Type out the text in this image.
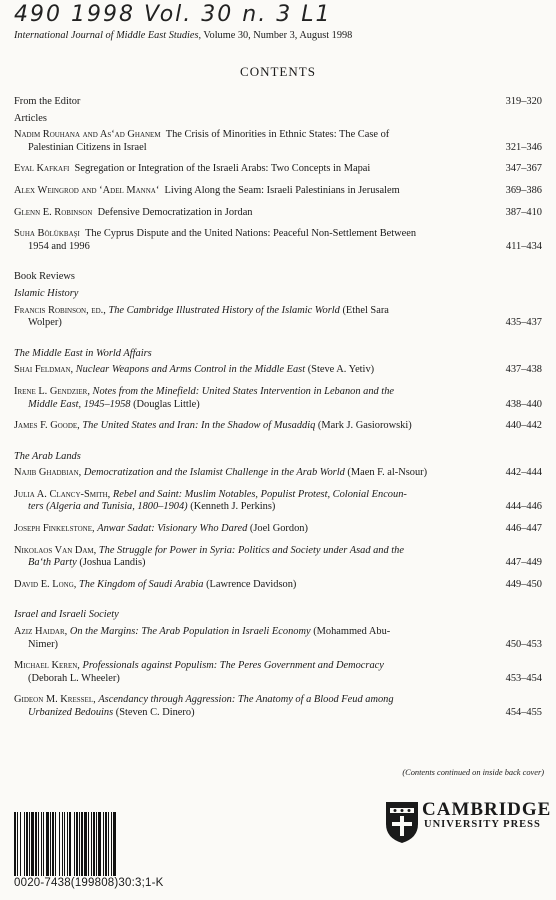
490 1998 Vol. 30 n. 3 L1
International Journal of Middle East Studies, Volume 30, Number 3, August 1998
CONTENTS
From the Editor	319–320
Articles
Nadim Rouhana and As‘ad Ghanem The Crisis of Minorities in Ethnic States: The Case of
Palestinian Citizens in Israel	321–346
Eyal Kafkafi Segregation or Integration of the Israeli Arabs: Two Concepts in Mapai	347–367
Alex Weingrod and ‘Adel Manna‘ Living Along the Seam: Israeli Palestinians in Jerusalem	369–386
Glenn E. Robinson Defensive Democratization in Jordan	387–410
Suha Bölükbaşı The Cyprus Dispute and the United Nations: Peaceful Non-Settlement Between
1954 and 1996	411–434
Book Reviews
Islamic History
Francis Robinson, ed., The Cambridge Illustrated History of the Islamic World (Ethel Sara
Wolper)	435–437
The Middle East in World Affairs
Shai Feldman, Nuclear Weapons and Arms Control in the Middle East (Steve A. Yetiv)	437–438
Irene L. Gendzier, Notes from the Minefield: United States Intervention in Lebanon and the
Middle East, 1945–1958 (Douglas Little)	438–440
James F. Goode, The United States and Iran: In the Shadow of Musaddiq (Mark J. Gasiorowski)	440–442
The Arab Lands
Najib Ghadbian, Democratization and the Islamist Challenge in the Arab World (Maen F. al-Nsour)	442–444
Julia A. Clancy-Smith, Rebel and Saint: Muslim Notables, Populist Protest, Colonial Encoun-
ters (Algeria and Tunisia, 1800–1904) (Kenneth J. Perkins)	444–446
Joseph Finkelstone, Anwar Sadat: Visionary Who Dared (Joel Gordon)	446–447
Nikolaos Van Dam, The Struggle for Power in Syria: Politics and Society under Asad and the
Ba‘th Party (Joshua Landis)	447–449
David E. Long, The Kingdom of Saudi Arabia (Lawrence Davidson)	449–450
Israel and Israeli Society
Aziz Haidar, On the Margins: The Arab Population in Israeli Economy (Mohammed Abu-
Nimer)	450–453
Michael Keren, Professionals against Populism: The Peres Government and Democracy
(Deborah L. Wheeler)	453–454
Gideon M. Kressel, Ascendancy through Aggression: The Anatomy of a Blood Feud among
Urbanized Bedouins (Steven C. Dinero)	454–455
(Contents continued on inside back cover)
0020-7438(199808)30:3;1-K
CAMBRIDGE
UNIVERSITY PRESS
